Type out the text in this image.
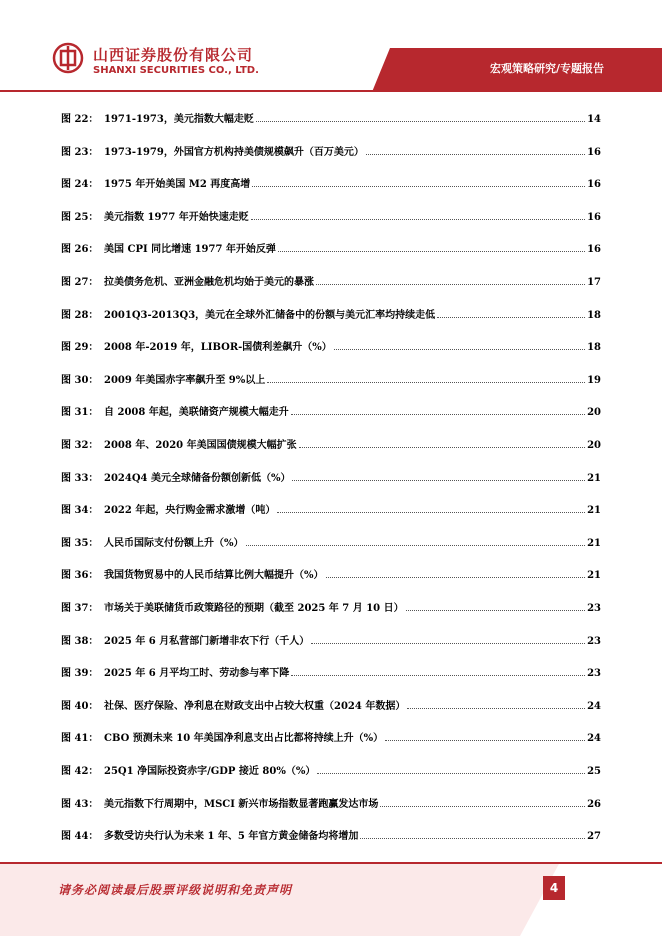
山西证券股份有限公司
SHANXI SECURITIES CO., LTD.	宏观策略研究/专题报告
图 22： 1971-1973，美元指数大幅走贬	14
图 23： 1973-1979，外国官方机构持美债规模飙升（百万美元）	16
图 24： 1975 年开始美国 M2 再度高增	16
图 25： 美元指数 1977 年开始快速走贬	16
图 26： 美国 CPI 同比增速 1977 年开始反弹	16
图 27： 拉美债务危机、亚洲金融危机均始于美元的暴涨	17
图 28： 2001Q3-2013Q3，美元在全球外汇储备中的份额与美元汇率均持续走低	18
图 29： 2008 年-2019 年，LIBOR-国债利差飙升（%）	18
图 30： 2009 年美国赤字率飙升至 9%以上	19
图 31： 自 2008 年起，美联储资产规模大幅走升	20
图 32： 2008 年、2020 年美国国债规模大幅扩张	20
图 33： 2024Q4 美元全球储备份额创新低（%）	21
图 34： 2022 年起，央行购金需求激增（吨）	21
图 35： 人民币国际支付份额上升（%）	21
图 36： 我国货物贸易中的人民币结算比例大幅提升（%）	21
图 37： 市场关于美联储货币政策路径的预期（截至 2025 年 7 月 10 日）	23
图 38： 2025 年 6 月私营部门新增非农下行（千人）	23
图 39： 2025 年 6 月平均工时、劳动参与率下降	23
图 40： 社保、医疗保险、净利息在财政支出中占较大权重（2024 年数据）	24
图 41： CBO 预测未来 10 年美国净利息支出占比都将持续上升（%）	24
图 42： 25Q1 净国际投资赤字/GDP 接近 80%（%）	25
图 43： 美元指数下行周期中，MSCI 新兴市场指数显著跑赢发达市场	26
图 44： 多数受访央行认为未来 1 年、5 年官方黄金储备均将增加	27
请务必阅读最后股票评级说明和免责声明	4
